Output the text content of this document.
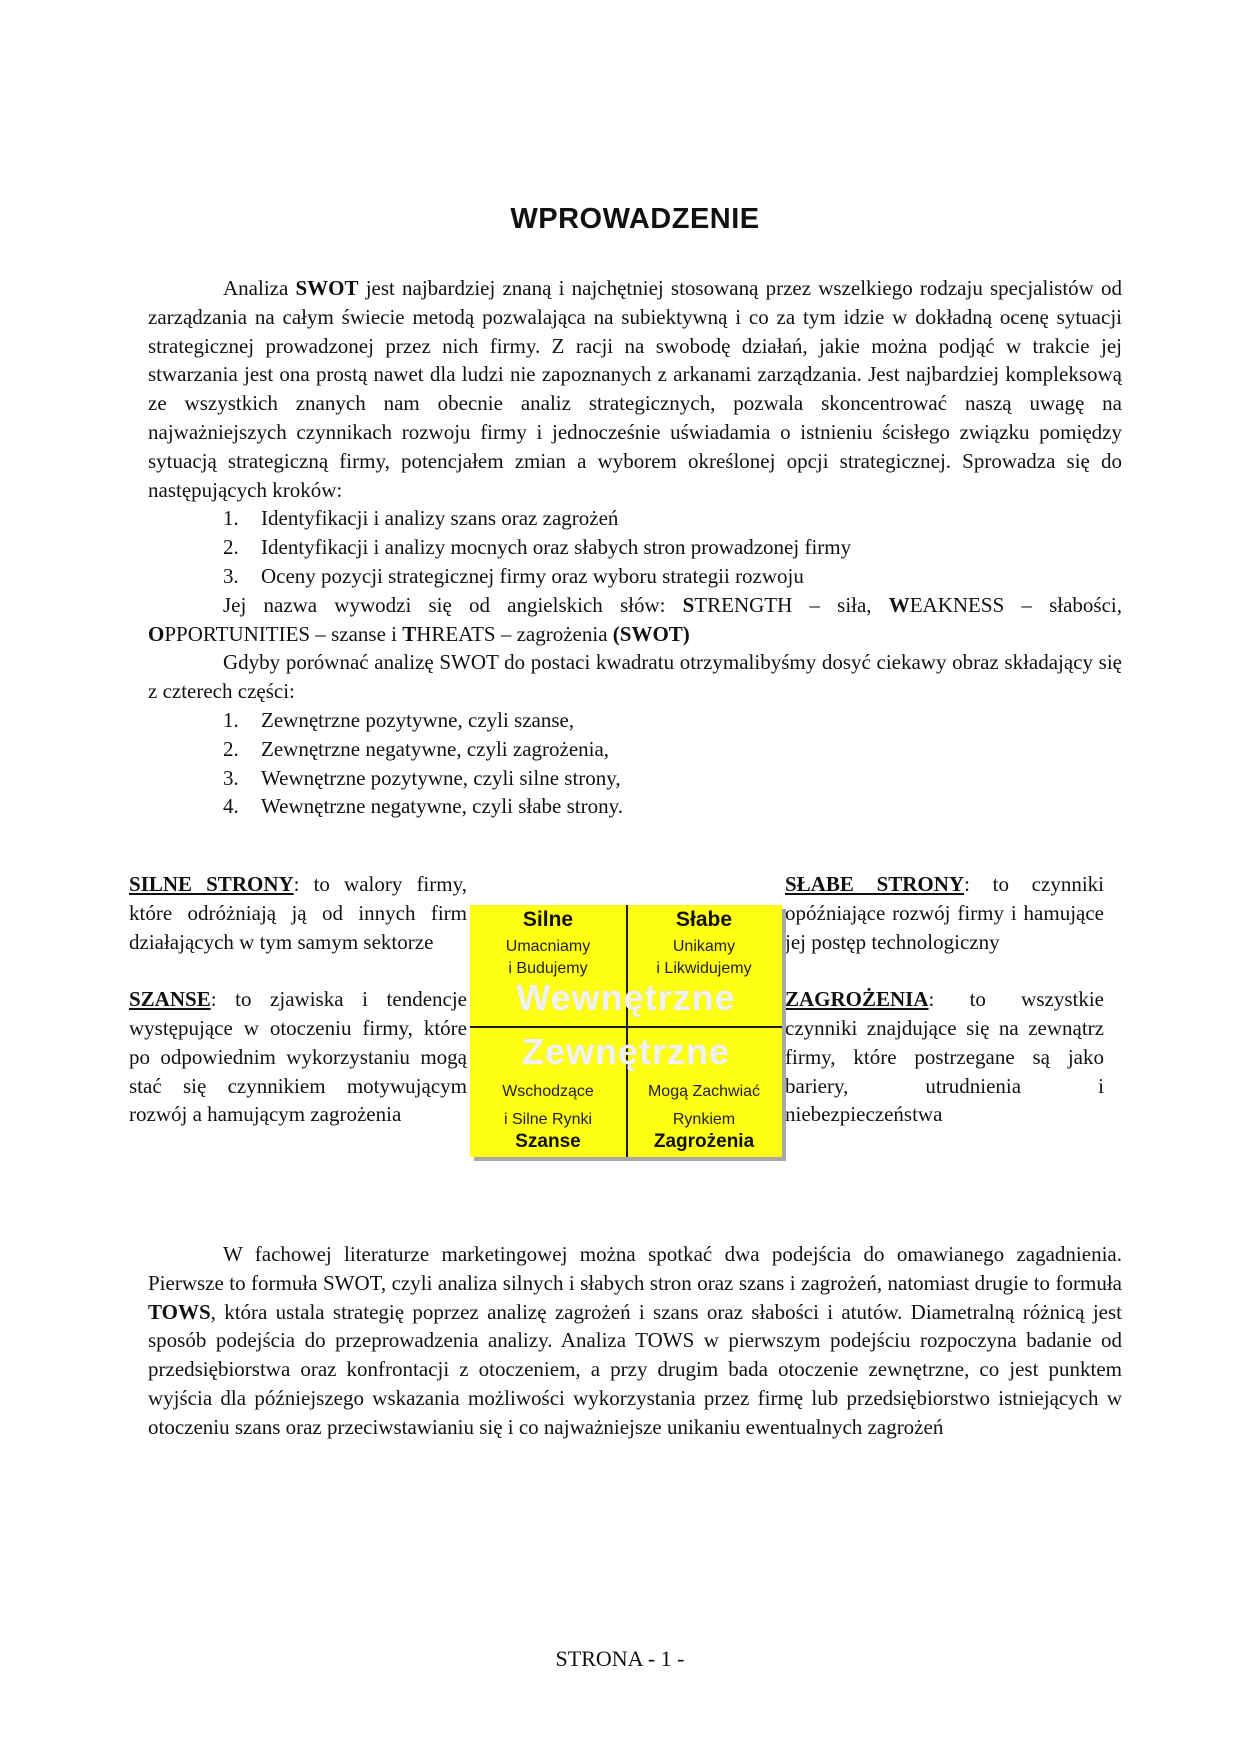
WPROWADZENIE

Analiza SWOT jest najbardziej znaną i najchętniej stosowaną przez wszelkiego rodzaju specjalistów od zarządzania na całym świecie metodą pozwalająca na subiektywną i co za tym idzie w dokładną ocenę sytuacji strategicznej prowadzonej przez nich firmy. Z racji na swobodę działań, jakie można podjąć w trakcie jej stwarzania jest ona prostą nawet dla ludzi nie zapoznanych z arkanami zarządzania. Jest najbardziej kompleksową ze wszystkich znanych nam obecnie analiz strategicznych, pozwala skoncentrować naszą uwagę na najważniejszych czynnikach rozwoju firmy i jednocześnie uświadamia o istnieniu ścisłego związku pomiędzy sytuacją strategiczną firmy, potencjałem zmian a wyborem określonej opcji strategicznej. Sprowadza się do następujących kroków:

1. Identyfikacji i analizy szans oraz zagrożeń
2. Identyfikacji i analizy mocnych oraz słabych stron prowadzonej firmy
3. Oceny pozycji strategicznej firmy oraz wyboru strategii rozwoju

Jej nazwa wywodzi się od angielskich słów: STRENGTH – siła, WEAKNESS – słabości, OPPORTUNITIES – szanse i THREATS – zagrożenia (SWOT)

Gdyby porównać analizę SWOT do postaci kwadratu otrzymalibyśmy dosyć ciekawy obraz składający się z czterech części:

1. Zewnętrzne pozytywne, czyli szanse,
2. Zewnętrzne negatywne, czyli zagrożenia,
3. Wewnętrzne pozytywne, czyli silne strony,
4. Wewnętrzne negatywne, czyli słabe strony.

SILNE STRONY: to walory firmy, które odróżniają ją od innych firm działających w tym samym sektorze

SZANSE: to zjawiska i tendencje występujące w otoczeniu firmy, które po odpowiednim wykorzystaniu mogą stać się czynnikiem motywującym rozwój a hamującym zagrożenia

SŁABE STRONY: to czynniki opóźniające rozwój firmy i hamujące jej postęp technologiczny

ZAGROŻENIA: to wszystkie czynniki znajdujące się na zewnątrz firmy, które postrzegane są jako bariery, utrudnienia i niebezpieczeństwa

Silne
Umacniamy
i Budujemy
Słabe
Unikamy
i Likwidujemy
Wewnętrzne
Zewnętrzne
Wschodzące
i Silne Rynki
Szanse
Mogą Zachwiać
Rynkiem
Zagrożenia

W fachowej literaturze marketingowej można spotkać dwa podejścia do omawianego zagadnienia. Pierwsze to formuła SWOT, czyli analiza silnych i słabych stron oraz szans i zagrożeń, natomiast drugie to formuła TOWS, która ustala strategię poprzez analizę zagrożeń i szans oraz słabości i atutów. Diametralną różnicą jest sposób podejścia do przeprowadzenia analizy. Analiza TOWS w pierwszym podejściu rozpoczyna badanie od przedsiębiorstwa oraz konfrontacji z otoczeniem, a przy drugim bada otoczenie zewnętrzne, co jest punktem wyjścia dla późniejszego wskazania możliwości wykorzystania przez firmę lub przedsiębiorstwo istniejących w otoczeniu szans oraz przeciwstawianiu się i co najważniejsze unikaniu ewentualnych zagrożeń

STRONA - 1 -
